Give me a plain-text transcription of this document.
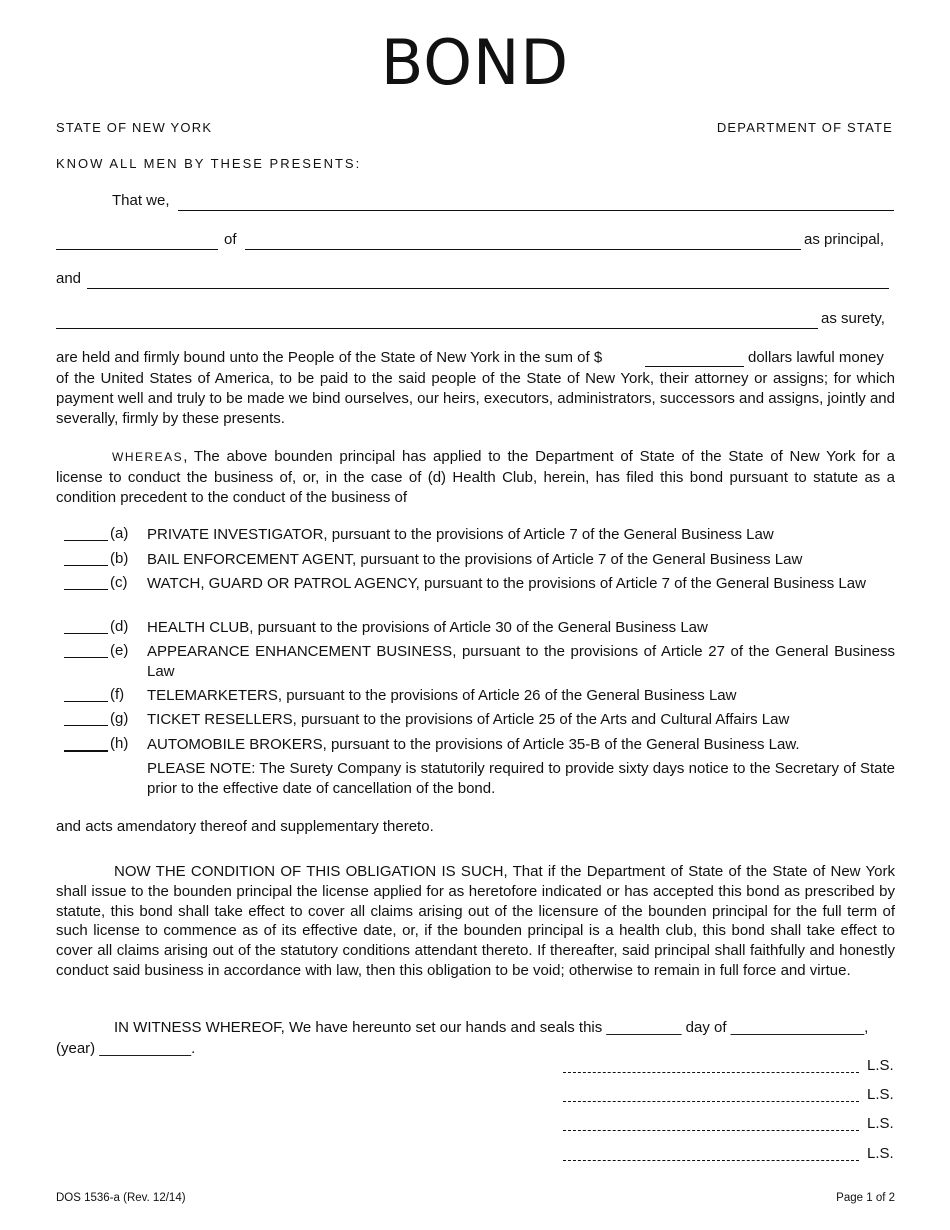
BOND
STATE OF NEW YORK	DEPARTMENT OF STATE
KNOW ALL MEN BY THESE PRESENTS:
That we,
of	as principal,
and
as surety,
are held and firmly bound unto the People of the State of New York in the sum of $	dollars lawful money
of the United States of America, to be paid to the said people of the State of New York, their attorney or assigns; for which payment well and truly to be made we bind ourselves, our heirs, executors, administrators, successors and assigns, jointly and severally, firmly by these presents.
WHEREAS, The above bounden principal has applied to the Department of State of the State of New York for a license to conduct the business of, or, in the case of (d) Health Club, herein, has filed this bond pursuant to statute as a condition precedent to the conduct of the business of
(a) PRIVATE INVESTIGATOR, pursuant to the provisions of Article 7 of the General Business Law
(b) BAIL ENFORCEMENT AGENT, pursuant to the provisions of Article 7 of the General Business Law
(c) WATCH, GUARD OR PATROL AGENCY, pursuant to the provisions of Article 7 of the General Business Law
(d) HEALTH CLUB, pursuant to the provisions of Article 30 of the General Business Law
(e) APPEARANCE ENHANCEMENT BUSINESS, pursuant to the provisions of Article 27 of the General Business Law
(f) TELEMARKETERS, pursuant to the provisions of Article 26 of the General Business Law
(g) TICKET RESELLERS, pursuant to the provisions of Article 25 of the Arts and Cultural Affairs Law
(h) AUTOMOBILE BROKERS, pursuant to the provisions of Article 35-B of the General Business Law.
PLEASE NOTE: The Surety Company is statutorily required to provide sixty days notice to the Secretary of State prior to the effective date of cancellation of the bond.
and acts amendatory thereof and supplementary thereto.
NOW THE CONDITION OF THIS OBLIGATION IS SUCH, That if the Department of State of the State of New York shall issue to the bounden principal the license applied for as heretofore indicated or has accepted this bond as prescribed by statute, this bond shall take effect to cover all claims arising out of the licensure of the bounden principal for the full term of such license to commence as of its effective date, or, if the bounden principal is a health club, this bond shall take effect to cover all claims arising out of the statutory conditions attendant thereto. If thereafter, said principal shall faithfully and honestly conduct said business in accordance with law, then this obligation to be void; otherwise to remain in full force and virtue.
IN WITNESS WHEREOF, We have hereunto set our hands and seals this _________ day of ________________,
(year) ___________.
L.S.
L.S.
L.S.
L.S.
DOS 1536-a (Rev. 12/14)	Page 1 of 2
